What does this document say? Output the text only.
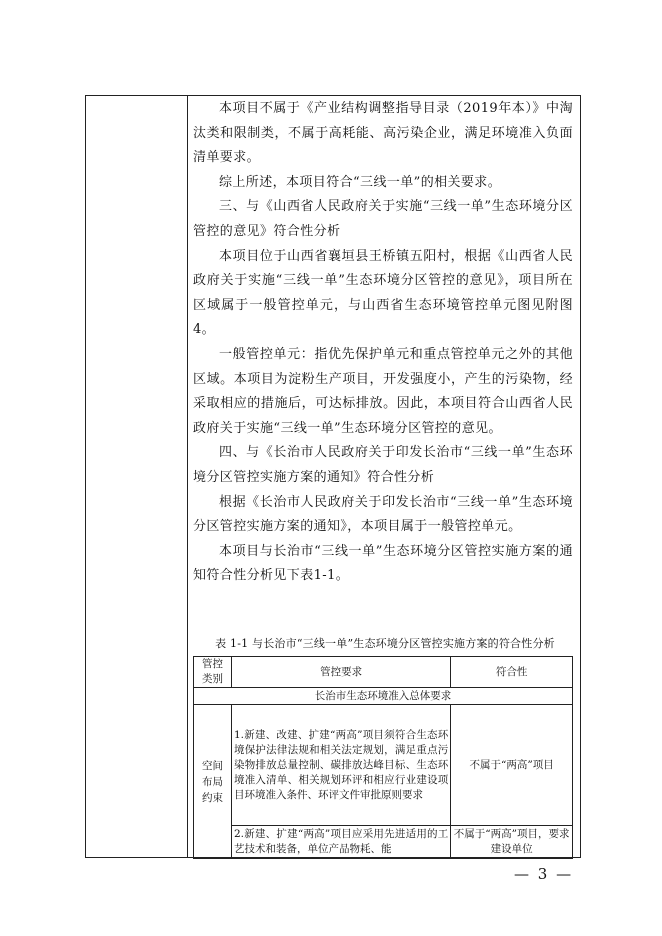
本项目不属于《产业结构调整指导目录（2019年本）》中淘汰类和限制类，不属于高耗能、高污染企业，满足环境准入负面清单要求。

综上所述，本项目符合“三线一单”的相关要求。

三、与《山西省人民政府关于实施“三线一单”生态环境分区管控的意见》符合性分析

本项目位于山西省襄垣县王桥镇五阳村，根据《山西省人民政府关于实施“三线一单”生态环境分区管控的意见》，项目所在区域属于一般管控单元，与山西省生态环境管控单元图见附图4。

一般管控单元：指优先保护单元和重点管控单元之外的其他区域。本项目为淀粉生产项目，开发强度小，产生的污染物，经采取相应的措施后，可达标排放。因此，本项目符合山西省人民政府关于实施“三线一单”生态环境分区管控的意见。

四、与《长治市人民政府关于印发长治市“三线一单”生态环境分区管控实施方案的通知》符合性分析

根据《长治市人民政府关于印发长治市“三线一单”生态环境分区管控实施方案的通知》，本项目属于一般管控单元。

本项目与长治市“三线一单”生态环境分区管控实施方案的通知符合性分析见下表1-1。

表 1-1 与长治市“三线一单”生态环境分区管控实施方案的符合性分析
管控类别	管控要求	符合性
长治市生态环境准入总体要求		

空间布局约束	1.新建、改建、扩建“两高”项目须符合生态环境保护法律法规和相关法定规划，满足重点污染物排放总量控制、碳排放达峰目标、生态环境准入清单、相关规划环评和相应行业建设项目环境准入条件、环评文件审批原则要求	不属于“两高”项目
	2.新建、扩建“两高”项目应采用先进适用的工艺技术和装备，单位产品物耗、能	不属于“两高”项目，要求建设单位
— 3 —
